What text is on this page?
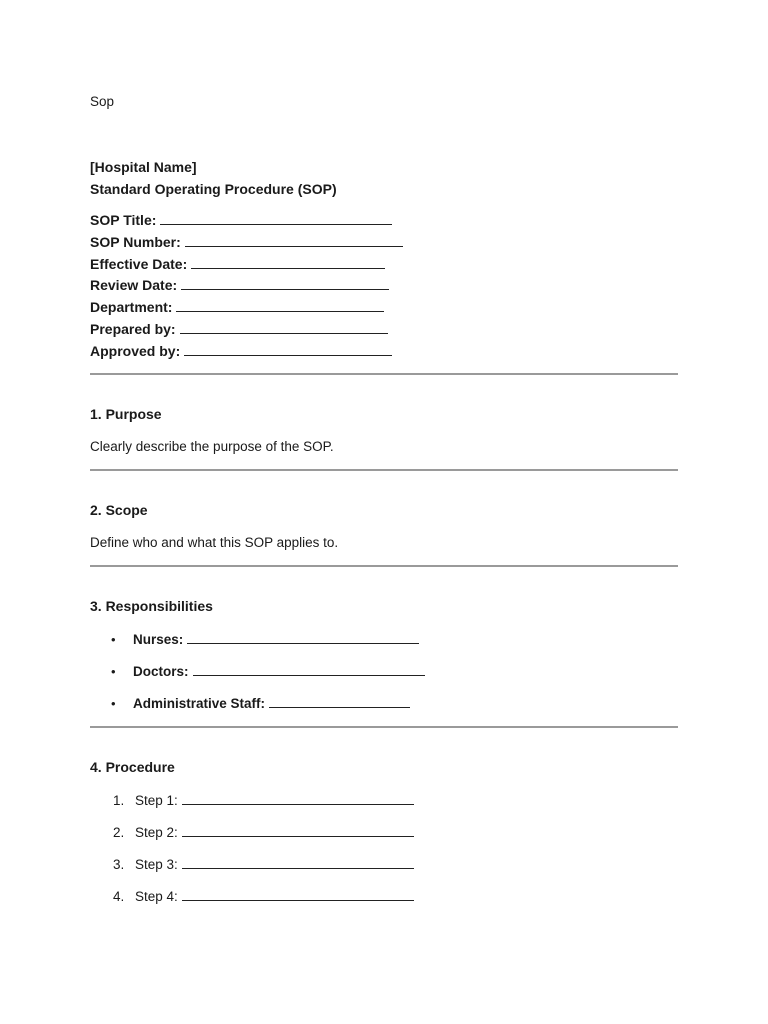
Sop
[Hospital Name]
Standard Operating Procedure (SOP)
SOP Title:
SOP Number:
Effective Date:
Review Date:
Department:
Prepared by:
Approved by:
1. Purpose
Clearly describe the purpose of the SOP.
2. Scope
Define who and what this SOP applies to.
3. Responsibilities
•	Nurses:
•	Doctors:
•	Administrative Staff:
4. Procedure
1. Step 1:
2. Step 2:
3. Step 3:
4. Step 4:
